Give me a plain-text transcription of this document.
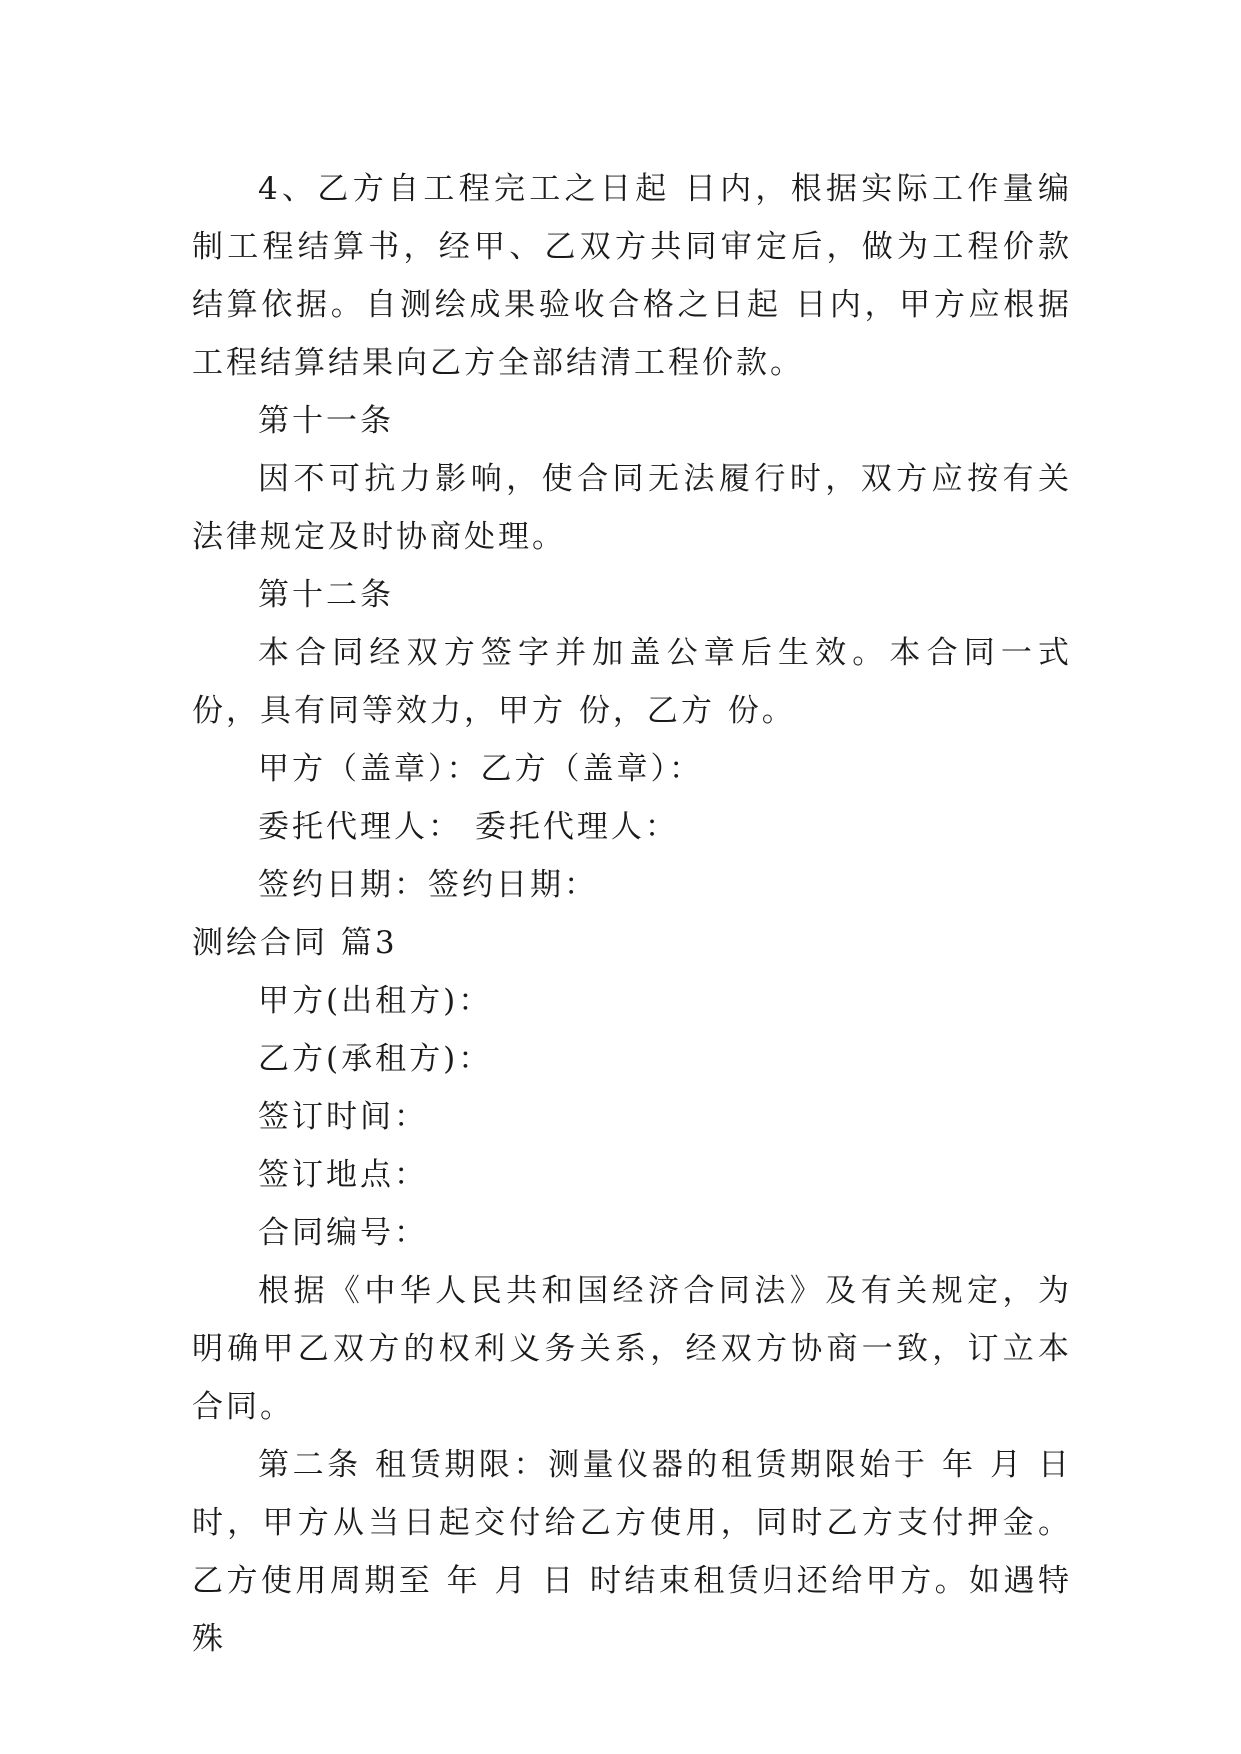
4、乙方自工程完工之日起 日内，根据实际工作量编制工程结算书，经甲、乙双方共同审定后，做为工程价款结算依据。自测绘成果验收合格之日起 日内，甲方应根据工程结算结果向乙方全部结清工程价款。

第十一条

因不可抗力影响，使合同无法履行时，双方应按有关法律规定及时协商处理。

第十二条

本合同经双方签字并加盖公章后生效。本合同一式 份，具有同等效力，甲方 份，乙方 份。

甲方（盖章）：乙方（盖章）：

委托代理人： 委托代理人：

签约日期：签约日期：

测绘合同 篇3

甲方(出租方)：

乙方(承租方)：

签订时间：

签订地点：

合同编号：

根据《中华人民共和国经济合同法》及有关规定，为明确甲乙双方的权利义务关系，经双方协商一致，订立本合同。

第二条 租赁期限：测量仪器的租赁期限始于 年 月 日 时，甲方从当日起交付给乙方使用，同时乙方支付押金。乙方使用周期至 年 月 日 时结束租赁归还给甲方。如遇特殊
